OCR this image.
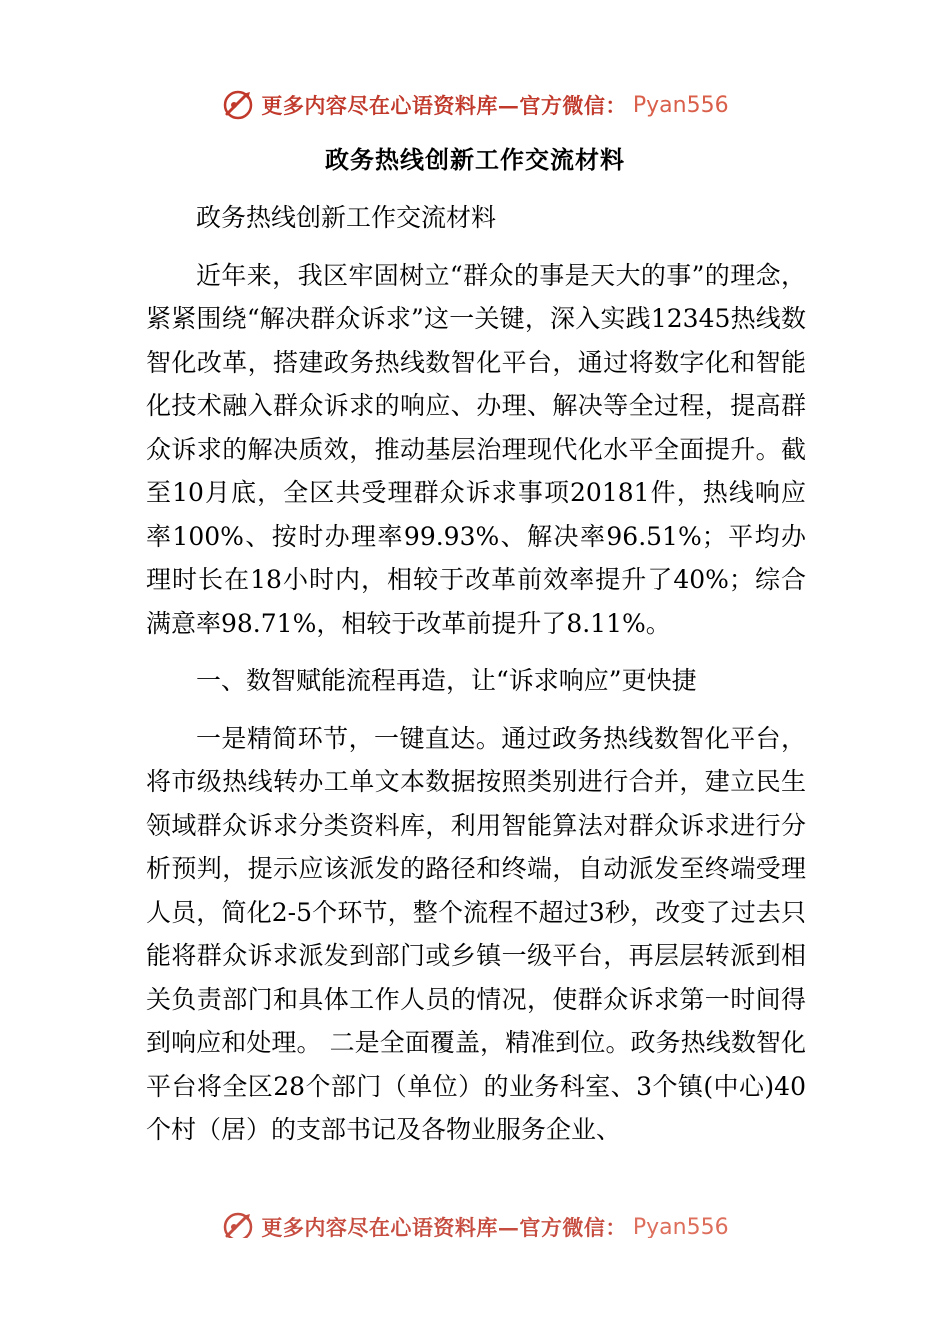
更多内容尽在心语资料库—官方微信： Pyan556
政务热线创新工作交流材料

政务热线创新工作交流材料

近年来，我区牢固树立“群众的事是天大的事”的理念，紧紧围绕“解决群众诉求”这一关键，深入实践12345热线数智化改革，搭建政务热线数智化平台，通过将数字化和智能化技术融入群众诉求的响应、办理、解决等全过程，提高群众诉求的解决质效，推动基层治理现代化水平全面提升。截至10月底，全区共受理群众诉求事项20181件，热线响应率100%、按时办理率99.93%、解决率96.51%；平均办理时长在18小时内，相较于改革前效率提升了40%；综合满意率98.71%，相较于改革前提升了8.11%。

一、数智赋能流程再造，让“诉求响应”更快捷

一是精简环节，一键直达。通过政务热线数智化平台，将市级热线转办工单文本数据按照类别进行合并，建立民生领域群众诉求分类资料库，利用智能算法对群众诉求进行分析预判，提示应该派发的路径和终端，自动派发至终端受理人员，简化2-5个环节，整个流程不超过3秒，改变了过去只能将群众诉求派发到部门或乡镇一级平台，再层层转派到相关负责部门和具体工作人员的情况，使群众诉求第一时间得到响应和处理。 二是全面覆盖，精准到位。政务热线数智化平台将全区28个部门（单位）的业务科室、3个镇(中心)40个村（居）的支部书记及各物业服务企业、

更多内容尽在心语资料库—官方微信： Pyan556
